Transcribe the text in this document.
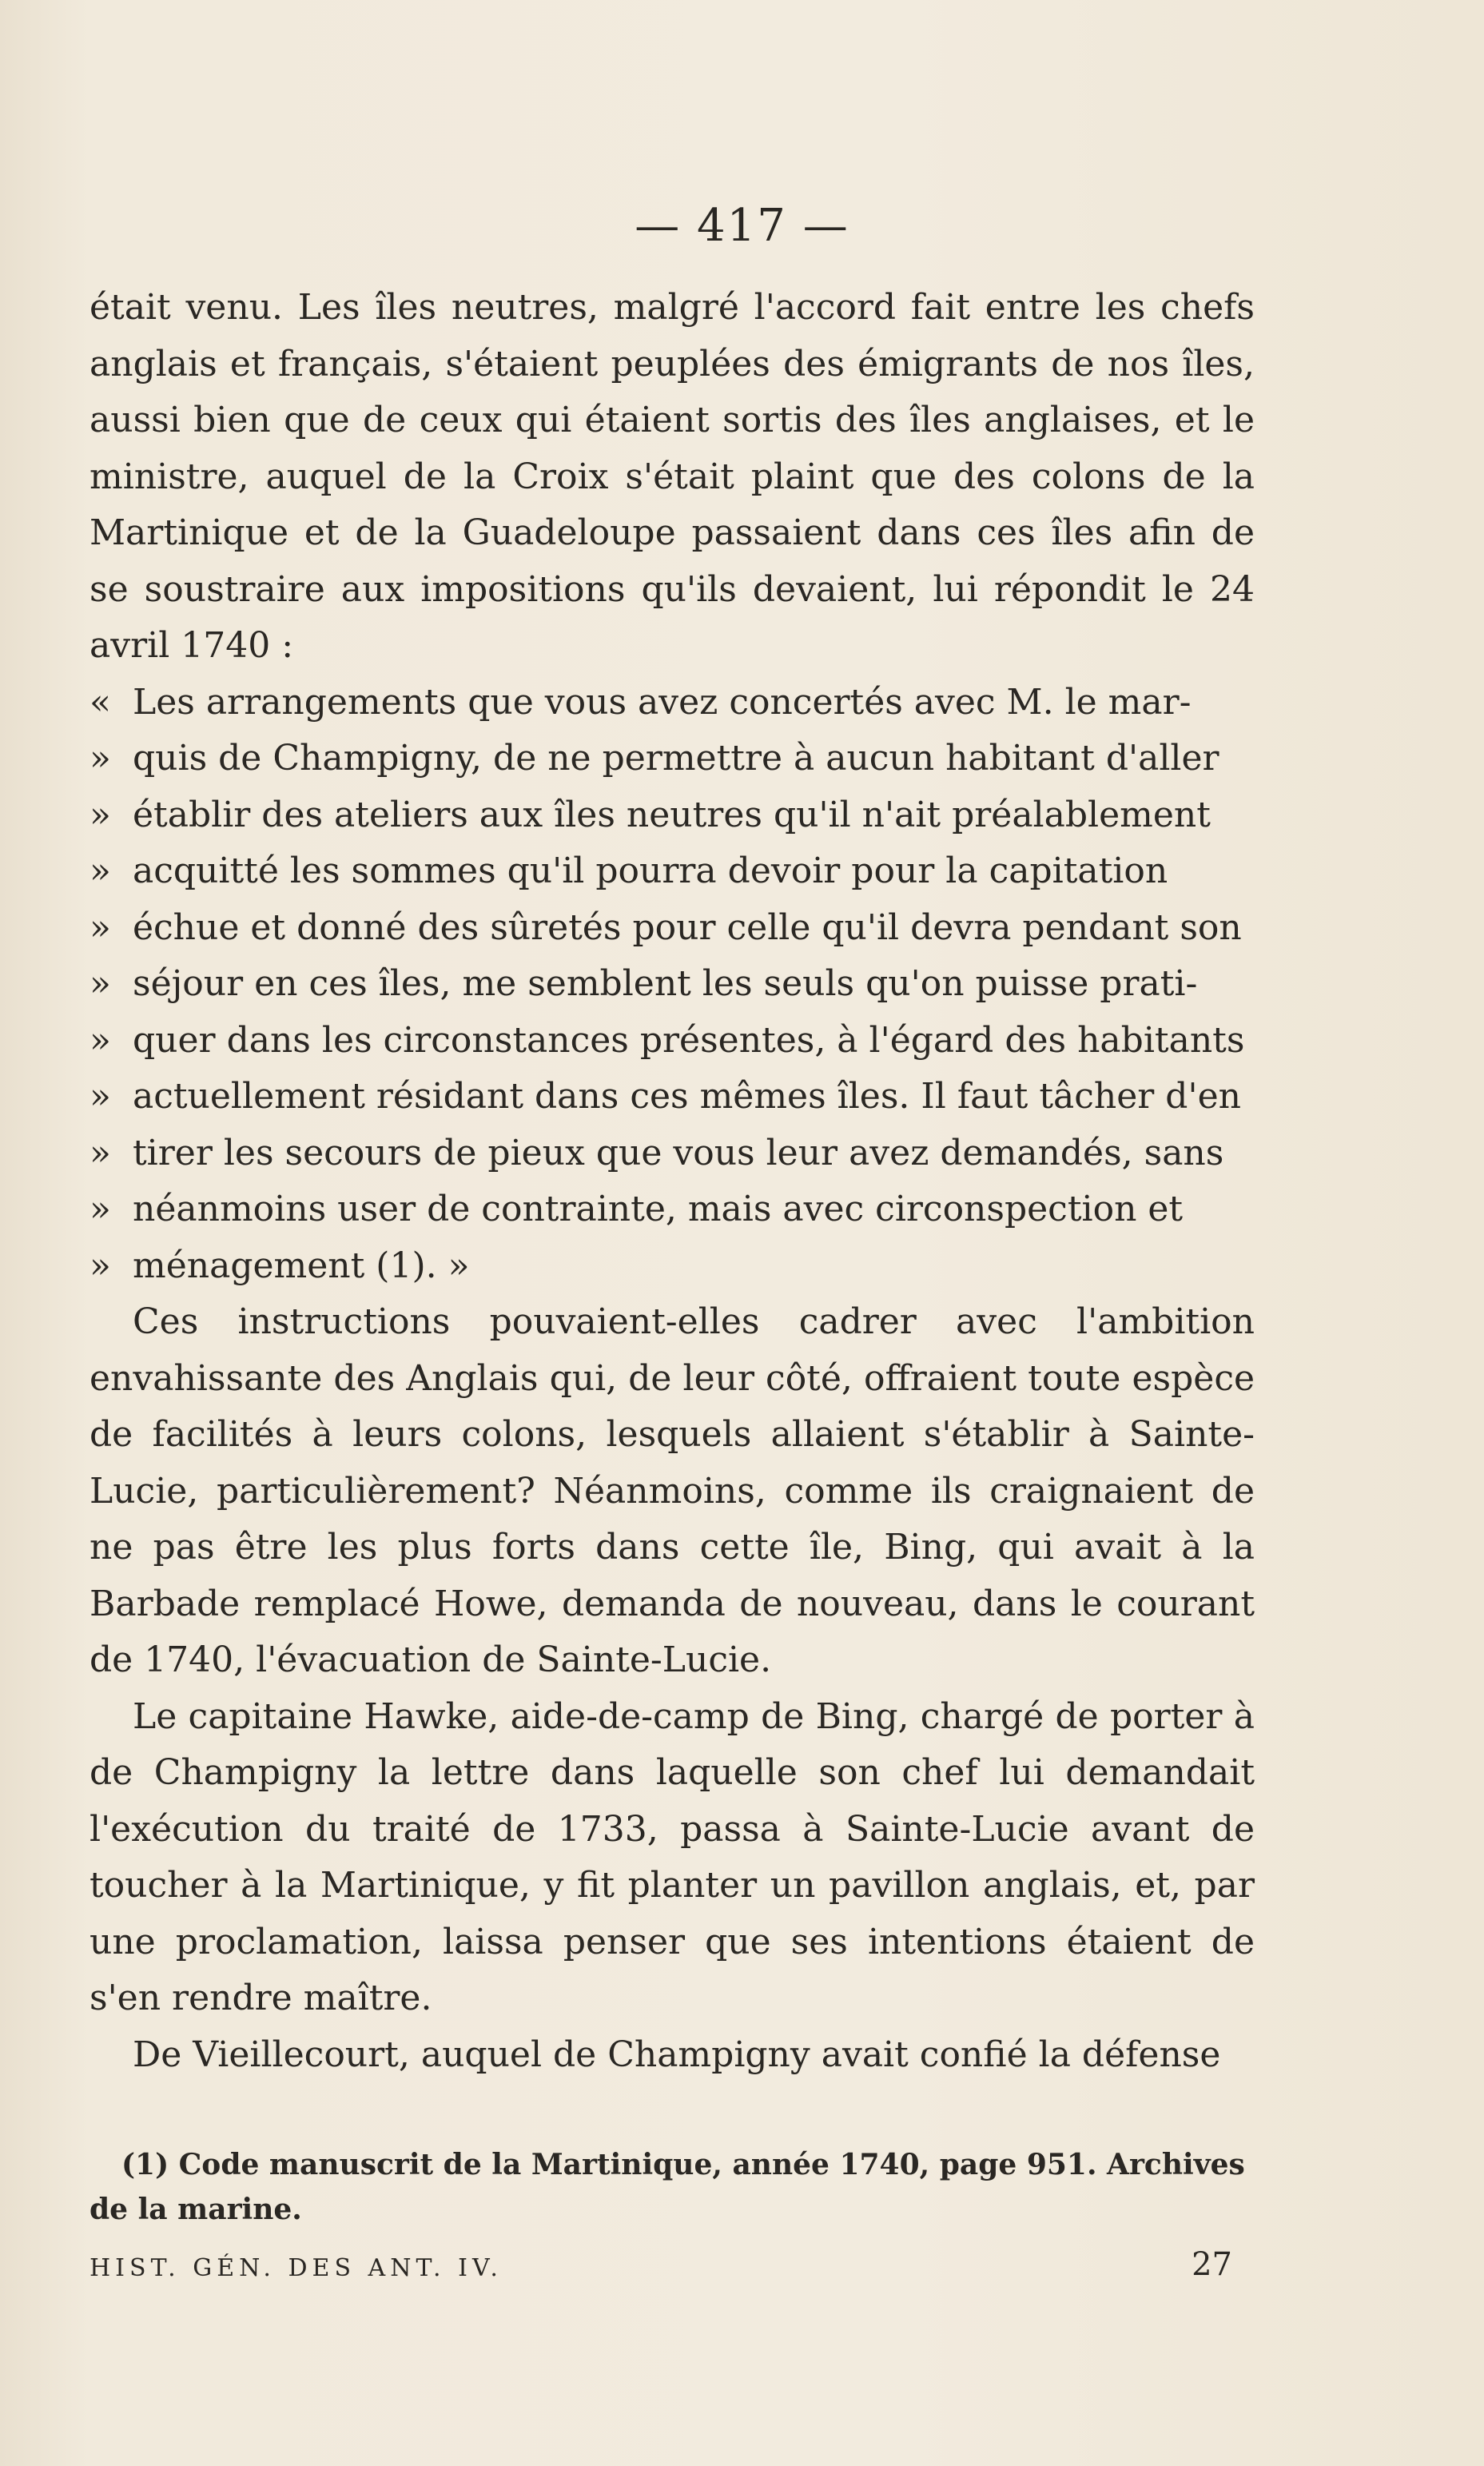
— 417 —

était venu. Les îles neutres, malgré l'accord fait entre les chefs anglais et français, s'étaient peuplées des émigrants de nos îles, aussi bien que de ceux qui étaient sortis des îles anglaises, et le ministre, auquel de la Croix s'était plaint que des colons de la Martinique et de la Guadeloupe passaient dans ces îles afin de se soustraire aux impositions qu'ils devaient, lui répondit le 24 avril 1740 :

« Les arrangements que vous avez concertés avec M. le mar-
» quis de Champigny, de ne permettre à aucun habitant d'aller
» établir des ateliers aux îles neutres qu'il n'ait préalablement
» acquitté les sommes qu'il pourra devoir pour la capitation
» échue et donné des sûretés pour celle qu'il devra pendant son
» séjour en ces îles, me semblent les seuls qu'on puisse prati-
» quer dans les circonstances présentes, à l'égard des habitants
» actuellement résidant dans ces mêmes îles. Il faut tâcher d'en
» tirer les secours de pieux que vous leur avez demandés, sans
» néanmoins user de contrainte, mais avec circonspection et
» ménagement (1). »

Ces instructions pouvaient-elles cadrer avec l'ambition envahissante des Anglais qui, de leur côté, offraient toute espèce de facilités à leurs colons, lesquels allaient s'établir à Sainte-Lucie, particulièrement? Néanmoins, comme ils craignaient de ne pas être les plus forts dans cette île, Bing, qui avait à la Barbade remplacé Howe, demanda de nouveau, dans le courant de 1740, l'évacuation de Sainte-Lucie.

Le capitaine Hawke, aide-de-camp de Bing, chargé de porter à de Champigny la lettre dans laquelle son chef lui demandait l'exécution du traité de 1733, passa à Sainte-Lucie avant de toucher à la Martinique, y fit planter un pavillon anglais, et, par une proclamation, laissa penser que ses intentions étaient de s'en rendre maître.

De Vieillecourt, auquel de Champigny avait confié la défense

(1) Code manuscrit de la Martinique, année 1740, page 951. Archives de la marine.

HIST. GÉN. DES ANT. IV.	27
